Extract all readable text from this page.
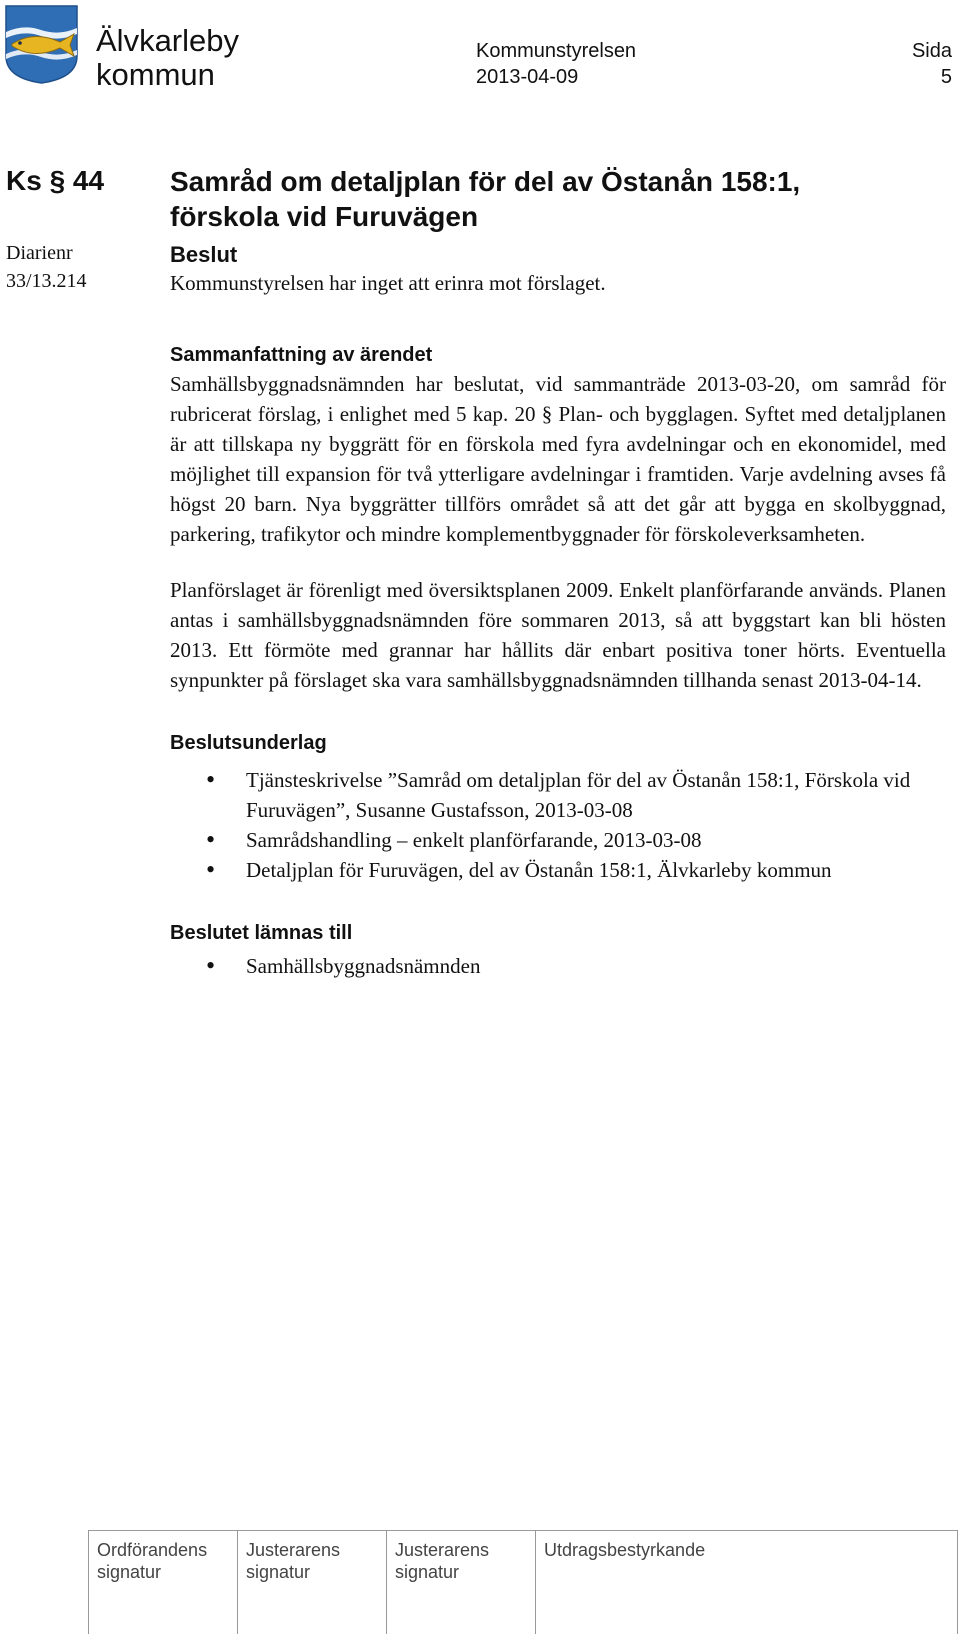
Älvkarleby
kommun
Kommunstyrelsen
2013-04-09
Sida
5
Ks § 44
Diarienr
33/13.214
Samråd om detaljplan för del av Östanån 158:1,
förskola vid Furuvägen
Beslut

Kommunstyrelsen har inget att erinra mot förslaget.

Sammanfattning av ärendet

Samhällsbyggnadsnämnden har beslutat, vid sammanträde 2013-03-20, om samråd för rubricerat förslag, i enlighet med 5 kap. 20 § Plan- och bygglagen. Syftet med detaljplanen är att tillskapa ny byggrätt för en förskola med fyra avdelningar och en ekonomidel, med möjlighet till expansion för två ytterligare avdelningar i framtiden. Varje avdelning avses få högst 20 barn. Nya byggrätter tillförs området så att det går att bygga en skolbyggnad, parkering, trafikytor och mindre komplementbyggnader för förskoleverksamheten.

Planförslaget är förenligt med översiktsplanen 2009. Enkelt planförfarande används. Planen antas i samhällsbyggnadsnämnden före sommaren 2013, så att byggstart kan bli hösten 2013. Ett förmöte med grannar har hållits där enbart positiva toner hörts. Eventuella synpunkter på förslaget ska vara samhällsbyggnadsnämnden tillhanda senast 2013-04-14.

Beslutsunderlag
• Tjänsteskrivelse ”Samråd om detaljplan för del av Östanån 158:1, Förskola vid Furuvägen”, Susanne Gustafsson, 2013-03-08
• Samrådshandling – enkelt planförfarande, 2013-03-08
• Detaljplan för Furuvägen, del av Östanån 158:1, Älvkarleby kommun
Beslutet lämnas till
• Samhällsbyggnadsnämnden
Ordförandens
signatur
Justerarens
signatur
Justerarens
signatur
Utdragsbestyrkande
